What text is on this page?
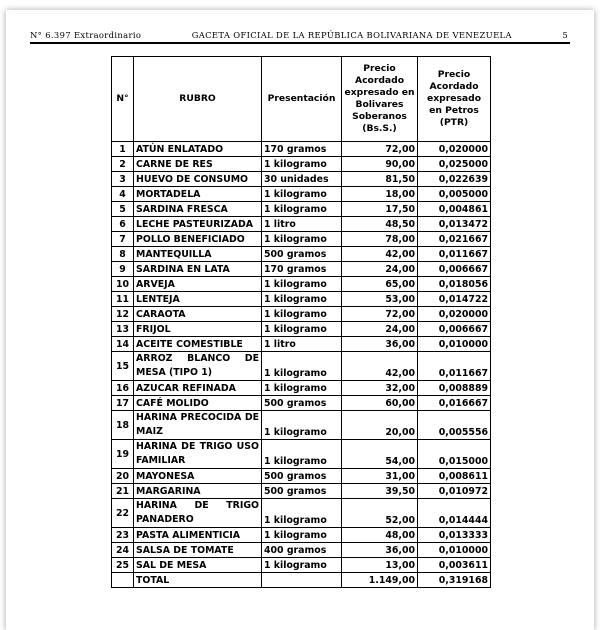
N° 6.397 Extraordinario	GACETA OFICIAL DE LA REPÚBLICA BOLIVARIANA DE VENEZUELA	5
N°	RUBRO	Presentación	Precio Acordado expresado en Bolivares Soberanos (Bs.S.)	Precio Acordado expresado en Petros (PTR)
1	ATÚN ENLATADO	170 gramos	72,00	0,020000
2	CARNE DE RES	1 kilogramo	90,00	0,025000
3	HUEVO DE CONSUMO	30 unidades	81,50	0,022639
4	MORTADELA	1 kilogramo	18,00	0,005000
5	SARDINA FRESCA	1 kilogramo	17,50	0,004861
6	LECHE PASTEURIZADA	1 litro	48,50	0,013472
7	POLLO BENEFICIADO	1 kilogramo	78,00	0,021667
8	MANTEQUILLA	500 gramos	42,00	0,011667
9	SARDINA EN LATA	170 gramos	24,00	0,006667
10	ARVEJA	1 kilogramo	65,00	0,018056
11	LENTEJA	1 kilogramo	53,00	0,014722
12	CARAOTA	1 kilogramo	72,00	0,020000
13	FRIJOL	1 kilogramo	24,00	0,006667
14	ACEITE COMESTIBLE	1 litro	36,00	0,010000
15	ARROZ BLANCO DE MESA (TIPO 1)	1 kilogramo	42,00	0,011667
16	AZUCAR REFINADA	1 kilogramo	32,00	0,008889
17	CAFÉ MOLIDO	500 gramos	60,00	0,016667
18	HARINA PRECOCIDA DE MAIZ	1 kilogramo	20,00	0,005556
19	HARINA DE TRIGO USO FAMILIAR	1 kilogramo	54,00	0,015000
20	MAYONESA	500 gramos	31,00	0,008611
21	MARGARINA	500 gramos	39,50	0,010972
22	HARINA DE TRIGO PANADERO	1 kilogramo	52,00	0,014444
23	PASTA ALIMENTICIA	1 kilogramo	48,00	0,013333
24	SALSA DE TOMATE	400 gramos	36,00	0,010000
25	SAL DE MESA	1 kilogramo	13,00	0,003611
	TOTAL		1.149,00	0,319168
